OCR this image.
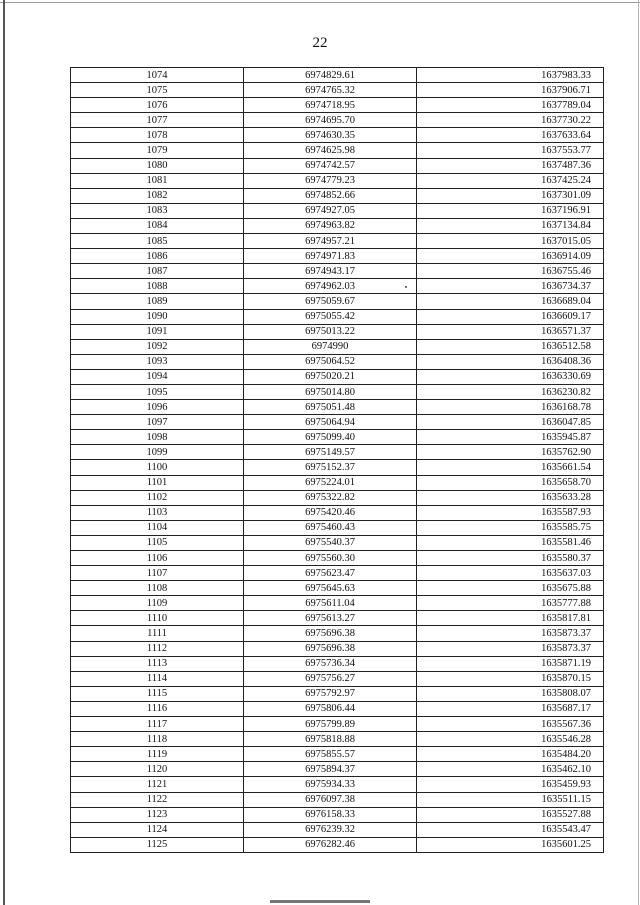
22
1074	6974829.61	1637983.33
1075	6974765.32	1637906.71
1076	6974718.95	1637789.04
1077	6974695.70	1637730.22
1078	6974630.35	1637633.64
1079	6974625.98	1637553.77
1080	6974742.57	1637487.36
1081	6974779.23	1637425.24
1082	6974852.66	1637301.09
1083	6974927.05	1637196.91
1084	6974963.82	1637134.84
1085	6974957.21	1637015.05
1086	6974971.83	1636914.09
1087	6974943.17	1636755.46
1088	6974962.03	1636734.37
1089	6975059.67	1636689.04
1090	6975055.42	1636609.17
1091	6975013.22	1636571.37
1092	6974990	1636512.58
1093	6975064.52	1636408.36
1094	6975020.21	1636330.69
1095	6975014.80	1636230.82
1096	6975051.48	1636168.78
1097	6975064.94	1636047.85
1098	6975099.40	1635945.87
1099	6975149.57	1635762.90
1100	6975152.37	1635661.54
1101	6975224.01	1635658.70
1102	6975322.82	1635633.28
1103	6975420.46	1635587.93
1104	6975460.43	1635585.75
1105	6975540.37	1635581.46
1106	6975560.30	1635580.37
1107	6975623.47	1635637.03
1108	6975645.63	1635675.88
1109	6975611.04	1635777.88
1110	6975613.27	1635817.81
1111	6975696.38	1635873.37
1112	6975696.38	1635873.37
1113	6975736.34	1635871.19
1114	6975756.27	1635870.15
1115	6975792.97	1635808.07
1116	6975806.44	1635687.17
1117	6975799.89	1635567.36
1118	6975818.88	1635546.28
1119	6975855.57	1635484.20
1120	6975894.37	1635462.10
1121	6975934.33	1635459.93
1122	6976097.38	1635511.15
1123	6976158.33	1635527.88
1124	6976239.32	1635543.47
1125	6976282.46	1635601.25
